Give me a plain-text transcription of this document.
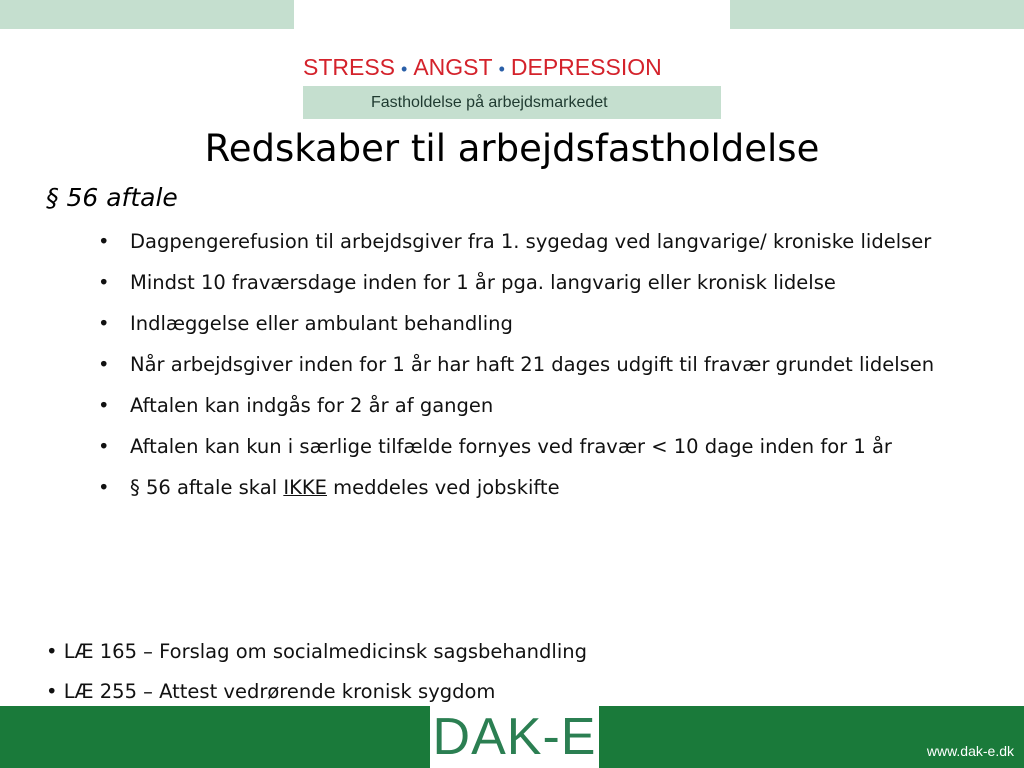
STRESS • ANGST • DEPRESSION
Fastholdelse på arbejdsmarkedet
Redskaber til arbejdsfastholdelse
§ 56 aftale
• Dagpengerefusion til arbejdsgiver fra 1. sygedag ved langvarige/ kroniske lidelser
• Mindst 10 fraværsdage inden for 1 år pga. langvarig eller kronisk lidelse
• Indlæggelse eller ambulant behandling
• Når arbejdsgiver inden for 1 år har haft 21 dages udgift til fravær grundet lidelsen
• Aftalen kan indgås for 2 år af gangen
• Aftalen kan kun i særlige tilfælde fornyes ved fravær < 10 dage inden for 1 år
• § 56 aftale skal IKKE meddeles ved jobskifte
• LÆ 165 – Forslag om socialmedicinsk sagsbehandling
• LÆ 255 – Attest vedrørende kronisk sygdom
DAK-E	www.dak-e.dk
